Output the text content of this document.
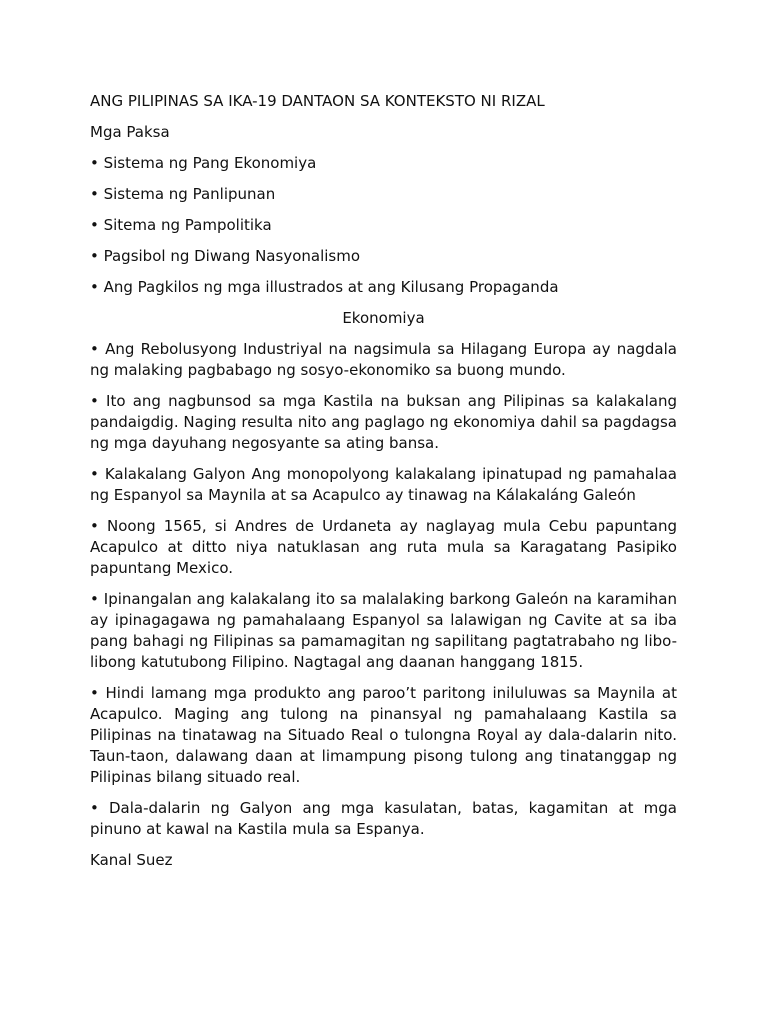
ANG PILIPINAS SA IKA-19 DANTAON SA KONTEKSTO NI RIZAL

Mga Paksa

• Sistema ng Pang Ekonomiya

• Sistema ng Panlipunan

• Sitema ng Pampolitika

• Pagsibol ng Diwang Nasyonalismo

• Ang Pagkilos ng mga illustrados at ang Kilusang Propaganda

Ekonomiya

• Ang Rebolusyong Industriyal na nagsimula sa Hilagang Europa ay nagdala ng malaking pagbabago ng sosyo-ekonomiko sa buong mundo.

• Ito ang nagbunsod sa mga Kastila na buksan ang Pilipinas sa kalakalang pandaigdig. Naging resulta nito ang paglago ng ekonomiya dahil sa pagdagsa ng mga dayuhang negosyante sa ating bansa.

• Kalakalang Galyon Ang monopolyong kalakalang ipinatupad ng pamahalaa ng Espanyol sa Maynila at sa Acapulco ay tinawag na Kálakaláng Galeón

• Noong 1565, si Andres de Urdaneta ay naglayag mula Cebu papuntang Acapulco at ditto niya natuklasan ang ruta mula sa Karagatang Pasipiko papuntang Mexico.

• Ipinangalan ang kalakalang ito sa malalaking barkong Galeón na karamihan ay ipinagagawa ng pamahalaang Espanyol sa lalawigan ng Cavite at sa iba pang bahagi ng Filipinas sa pamamagitan ng sapilitang pagtatrabaho ng libo-libong katutubong Filipino. Nagtagal ang daanan hanggang 1815.

• Hindi lamang mga produkto ang paroo’t paritong iniluluwas sa Maynila at Acapulco. Maging ang tulong na pinansyal ng pamahalaang Kastila sa Pilipinas na tinatawag na Situado Real o tulongna Royal ay dala-dalarin nito. Taun-taon, dalawang daan at limampung pisong tulong ang tinatanggap ng Pilipinas bilang situado real.

• Dala-dalarin ng Galyon ang mga kasulatan, batas, kagamitan at mga pinuno at kawal na Kastila mula sa Espanya.

Kanal Suez
